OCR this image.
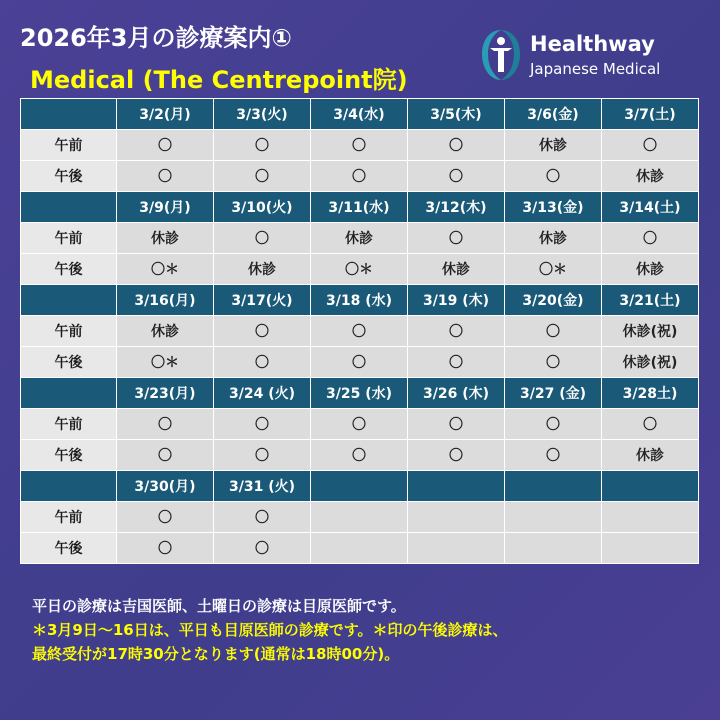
2026年3月の診療案内①
Medical (The Centrepoint院)
Healthway
Japanese Medical
	3/2(月)	3/3(火)	3/4(水)	3/5(木)	3/6(金)	3/7(土)
午前	〇	〇	〇	〇	休診	〇
午後	〇	〇	〇	〇	〇	休診
	3/9(月)	3/10(火)	3/11(水)	3/12(木)	3/13(金)	3/14(土)
午前	休診	〇	休診	〇	休診	〇
午後	〇＊	休診	〇＊	休診	〇＊	休診
	3/16(月)	3/17(火)	3/18 (水)	3/19 (木)	3/20(金)	3/21(土)
午前	休診	〇	〇	〇	〇	休診(祝)
午後	〇＊	〇	〇	〇	〇	休診(祝)
	3/23(月)	3/24 (火)	3/25 (水)	3/26 (木)	3/27 (金)	3/28土)
午前	〇	〇	〇	〇	〇	〇
午後	〇	〇	〇	〇	〇	休診
	3/30(月)	3/31 (火)				
午前	〇	〇				
午後	〇	〇				
平日の診療は吉国医師、土曜日の診療は目原医師です。
＊3月9日～16日は、平日も目原医師の診療です。＊印の午後診療は、
最終受付が17時30分となります(通常は18時00分)。
